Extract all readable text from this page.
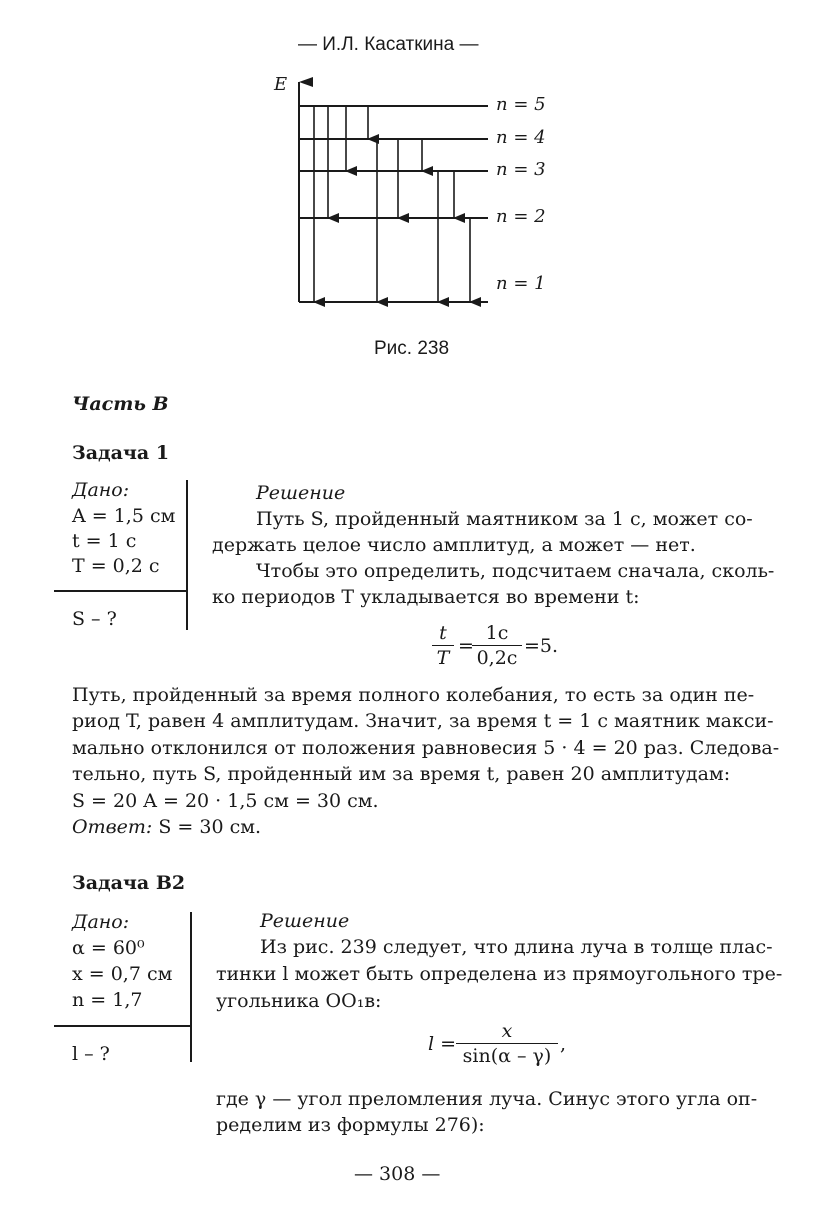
— И.Л. Касаткина —
E
n = 5
n = 4
n = 3
n = 2
n = 1
Рис. 238
Часть В
Задача 1
Дано:
A = 1,5 см
t = 1 с
T = 0,2 с
S – ?
Решение
Путь S, пройденный маятником за 1 с, может со-
держать целое число амплитуд, а может — нет.
Чтобы это определить, подсчитаем сначала, сколь-
ко периодов T укладывается во времени t:
t
T
=
1с
0,2с
=5.
Путь, пройденный за время полного колебания, то есть за один пе-
риод T, равен 4 амплитудам. Значит, за время t = 1 с маятник макси-
мально отклонился от положения равновесия 5 · 4 = 20 раз. Следова-
тельно, путь S, пройденный им за время t, равен 20 амплитудам:
S = 20 A = 20 · 1,5 см = 30 см.
Ответ: S = 30 см.
Задача В2
Дано:
α = 60⁰
x = 0,7 см
n = 1,7
l – ?
Решение
Из рис. 239 следует, что длина луча в толще плас-
тинки l может быть определена из прямоугольного тре-
угольника OO₁в:
l =
x
sin(α – γ)
,
где γ — угол преломления луча. Синус этого угла оп-
ределим из формулы 276):
— 308 —
